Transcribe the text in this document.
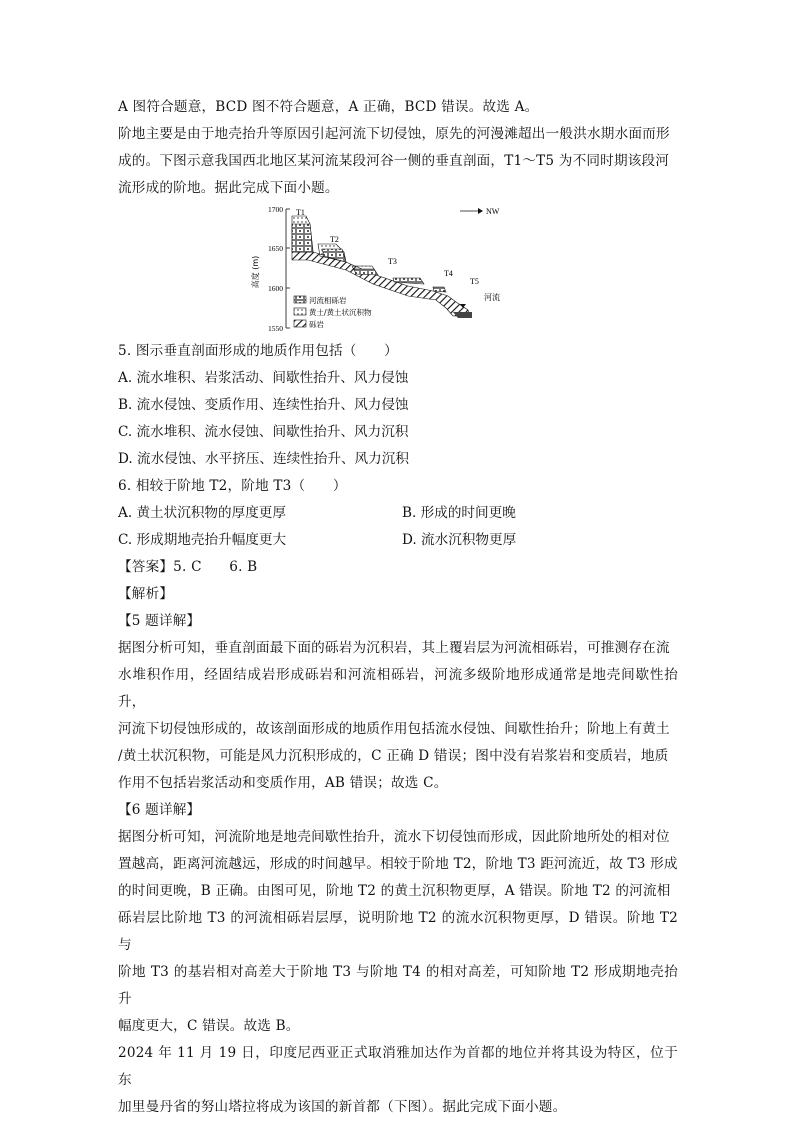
A 图符合题意，BCD 图不符合题意，A 正确，BCD 错误。故选 A。

阶地主要是由于地壳抬升等原因引起河流下切侵蚀，原先的河漫滩超出一般洪水期水面而形

成的。下图示意我国西北地区某河流某段河谷一侧的垂直剖面，T1～T5 为不同时期该段河

流形成的阶地。据此完成下面小题。

1700
1650
1600
1550
高度 (m)
T1
T2
T3
T4
T5
河流
NW
河流相砾岩
黄土/黄土状沉积物
砾岩

5. 图示垂直剖面形成的地质作用包括（　　）

A. 流水堆积、岩浆活动、间歇性抬升、风力侵蚀

B. 流水侵蚀、变质作用、连续性抬升、风力侵蚀

C. 流水堆积、流水侵蚀、间歇性抬升、风力沉积

D. 流水侵蚀、水平挤压、连续性抬升、风力沉积

6. 相较于阶地 T2，阶地 T3（　　）

A. 黄土状沉积物的厚度更厚	B. 形成的时间更晚
C. 形成期地壳抬升幅度更大	D. 流水沉积物更厚

【答案】5. C　　6. B

【解析】

【5 题详解】

据图分析可知，垂直剖面最下面的砾岩为沉积岩，其上覆岩层为河流相砾岩，可推测存在流

水堆积作用，经固结成岩形成砾岩和河流相砾岩，河流多级阶地形成通常是地壳间歇性抬升，

河流下切侵蚀形成的，故该剖面形成的地质作用包括流水侵蚀、间歇性抬升；阶地上有黄土

/黄土状沉积物，可能是风力沉积形成的，C 正确 D 错误；图中没有岩浆岩和变质岩，地质

作用不包括岩浆活动和变质作用，AB 错误；故选 C。

【6 题详解】

据图分析可知，河流阶地是地壳间歇性抬升，流水下切侵蚀而形成，因此阶地所处的相对位

置越高，距离河流越远，形成的时间越早。相较于阶地 T2，阶地 T3 距河流近，故 T3 形成

的时间更晚，B 正确。由图可见，阶地 T2 的黄土沉积物更厚，A 错误。阶地 T2 的河流相

砾岩层比阶地 T3 的河流相砾岩层厚，说明阶地 T2 的流水沉积物更厚，D 错误。阶地 T2 与

阶地 T3 的基岩相对高差大于阶地 T3 与阶地 T4 的相对高差，可知阶地 T2 形成期地壳抬升

幅度更大，C 错误。故选 B。

2024 年 11 月 19 日，印度尼西亚正式取消雅加达作为首都的地位并将其设为特区，位于东

加里曼丹省的努山塔拉将成为该国的新首都（下图）。据此完成下面小题。
